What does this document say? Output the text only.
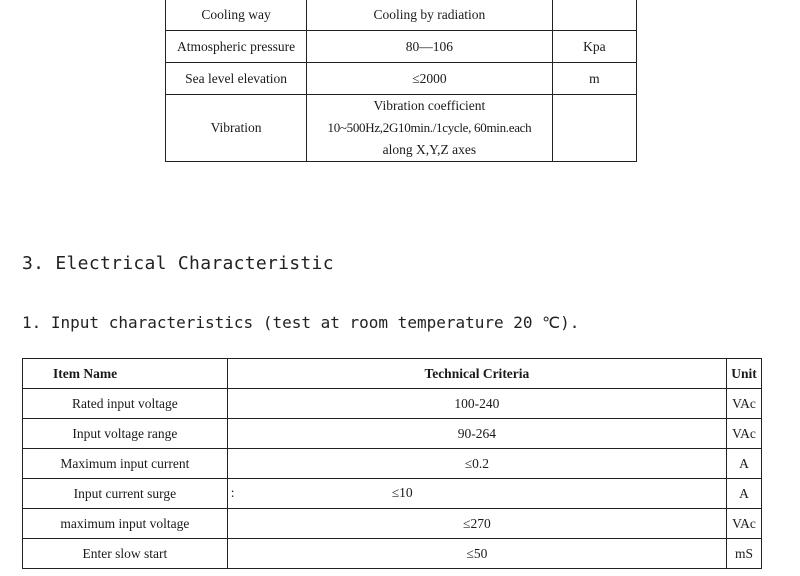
Cooling way	Cooling by radiation	
Atmospheric pressure	80—106	Kpa
Sea level elevation	≤2000	m
Vibration	Vibration coefficient
10~500Hz,2G10min./1cycle, 60min.each
along X,Y,Z axes	

3. Electrical Characteristic
1. Input characteristics (test at room temperature 20 ℃).
Item Name	Technical Criteria	Unit
Rated input voltage	100-240	VAc
Input voltage range	90-264	VAc
Maximum input current	≤0.2	A
Input current surge	: ≤10	A
maximum input voltage	≤270	VAc
Enter slow start	≤50	mS
